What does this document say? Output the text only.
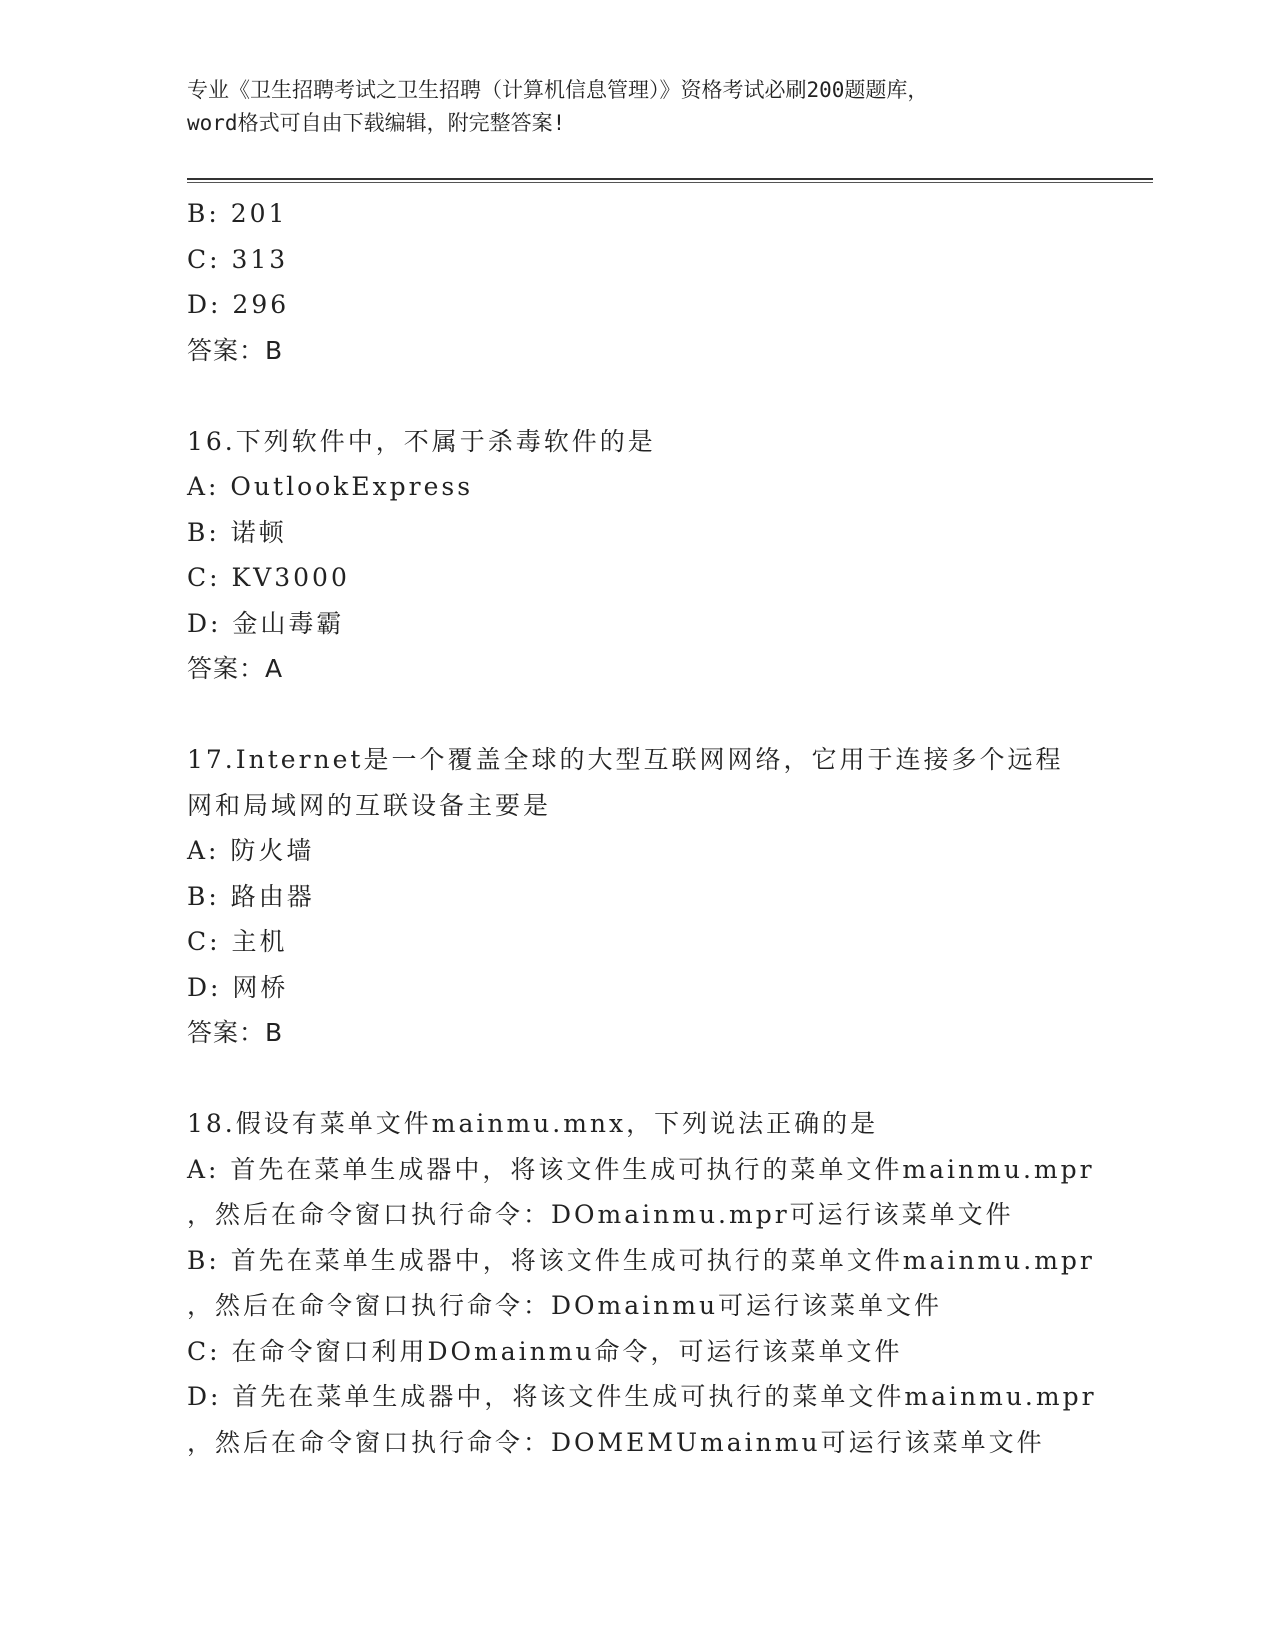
专业《卫生招聘考试之卫生招聘（计算机信息管理）》资格考试必刷200题题库，
word格式可自由下载编辑，附完整答案!
B: 201
C: 313
D: 296
答案：B
16.下列软件中，不属于杀毒软件的是
A: OutlookExpress
B: 诺顿
C: KV3000
D: 金山毒霸
答案：A
17.Internet是一个覆盖全球的大型互联网网络，它用于连接多个远程
网和局域网的互联设备主要是
A: 防火墙
B: 路由器
C: 主机
D: 网桥
答案：B
18.假设有菜单文件mainmu.mnx，下列说法正确的是
A: 首先在菜单生成器中，将该文件生成可执行的菜单文件mainmu.mpr
，然后在命令窗口执行命令：DOmainmu.mpr可运行该菜单文件
B: 首先在菜单生成器中，将该文件生成可执行的菜单文件mainmu.mpr
，然后在命令窗口执行命令：DOmainmu可运行该菜单文件
C: 在命令窗口利用DOmainmu命令，可运行该菜单文件
D: 首先在菜单生成器中，将该文件生成可执行的菜单文件mainmu.mpr
，然后在命令窗口执行命令：DOMEMUmainmu可运行该菜单文件
